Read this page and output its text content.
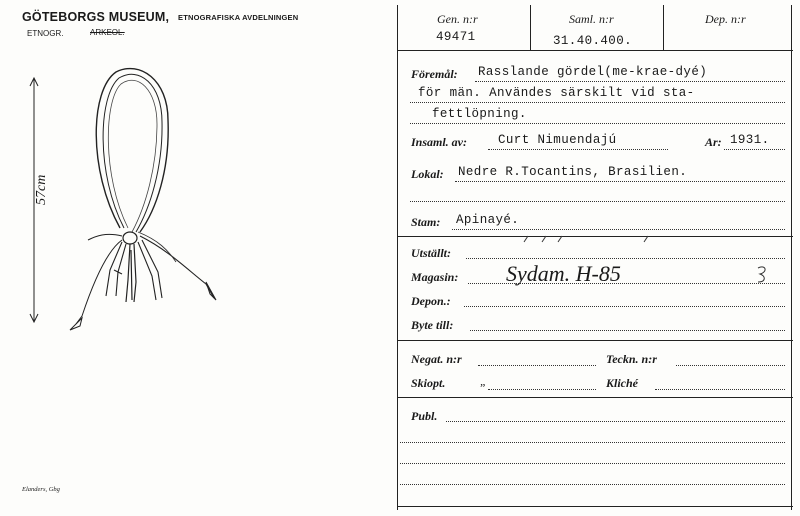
GÖTEBORGS MUSEUM, ETNOGRAFISKA AVDELNINGEN
ETNOGR.	ARKEOL.
57cm
Elanders, Gbg
Gen. n:r
49471
Saml. n:r
31.40.400.
Dep. n:r
Föremål: Rasslande gördel(me-krae-dyé)
för män. Användes särskilt vid sta-
fettlöpning.
Insaml. av: Curt Nimuendajú	Ar: 1931.
Lokal: Nedre R.Tocantins, Brasilien.
Stam: Apinayé.
Utställt:
Magasin: Sydam. H-85
Depon.:
Byte till:
Negat. n:r	Teckn. n:r
Skiopt.	„	Kliché
Publ.
